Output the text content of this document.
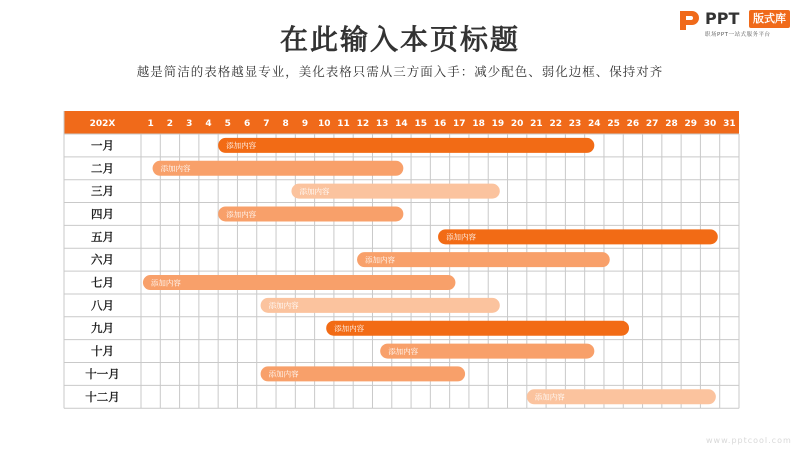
在此输入本页标题
越是简洁的表格越显专业，美化表格只需从三方面入手：减少配色、弱化边框、保持对齐
PPT	版式库
职场PPT一站式服务平台
202X	1 2 3 4 5 6 7 8 9 10 11 12 13 14 15 16 17 18 19 20 21 22 23 24 25 26 27 28 29 30 31
一月	添加内容
二月	添加内容
三月	添加内容
四月	添加内容
五月	添加内容
六月	添加内容
七月	添加内容
八月	添加内容
九月	添加内容
十月	添加内容
十一月	添加内容
十二月	添加内容
www.pptcool.com
